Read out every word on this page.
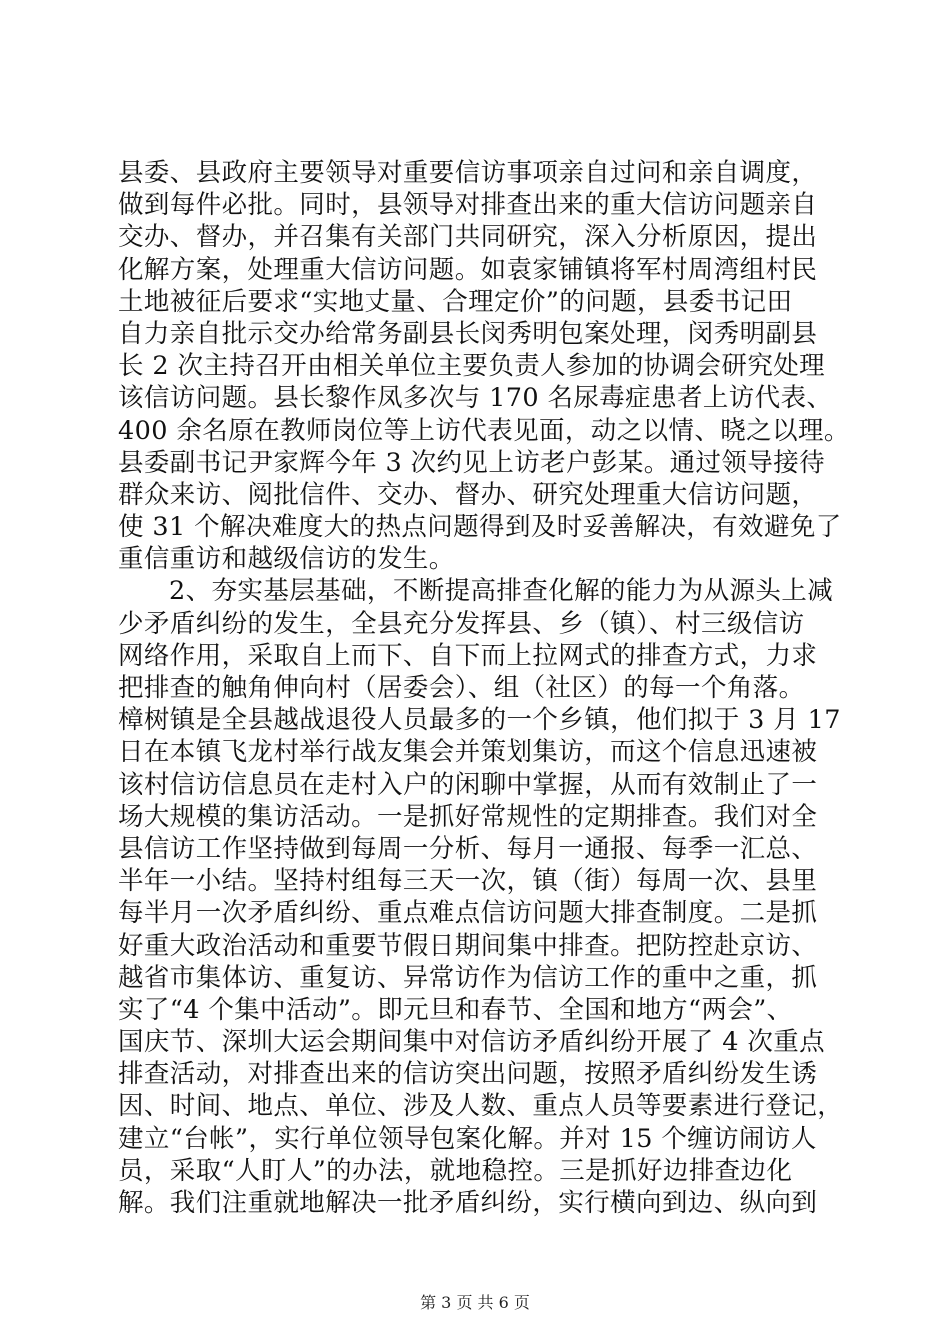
县委、县政府主要领导对重要信访事项亲自过问和亲自调度，
做到每件必批。同时，县领导对排查出来的重大信访问题亲自
交办、督办，并召集有关部门共同研究，深入分析原因，提出
化解方案，处理重大信访问题。如袁家铺镇将军村周湾组村民
土地被征后要求“实地丈量、合理定价”的问题，县委书记田
自力亲自批示交办给常务副县长闵秀明包案处理，闵秀明副县
长 2 次主持召开由相关单位主要负责人参加的协调会研究处理
该信访问题。县长黎作凤多次与 170 名尿毒症患者上访代表、
400 余名原在教师岗位等上访代表见面，动之以情、晓之以理。
县委副书记尹家辉今年 3 次约见上访老户彭某。通过领导接待
群众来访、阅批信件、交办、督办、研究处理重大信访问题，
使 31 个解决难度大的热点问题得到及时妥善解决，有效避免了
重信重访和越级信访的发生。
2、夯实基层基础，不断提高排查化解的能力为从源头上减
少矛盾纠纷的发生，全县充分发挥县、乡（镇）、村三级信访
网络作用，采取自上而下、自下而上拉网式的排查方式，力求
把排查的触角伸向村（居委会）、组（社区）的每一个角落。
樟树镇是全县越战退役人员最多的一个乡镇，他们拟于 3 月 17
日在本镇飞龙村举行战友集会并策划集访，而这个信息迅速被
该村信访信息员在走村入户的闲聊中掌握，从而有效制止了一
场大规模的集访活动。一是抓好常规性的定期排查。我们对全
县信访工作坚持做到每周一分析、每月一通报、每季一汇总、
半年一小结。坚持村组每三天一次，镇（街）每周一次、县里
每半月一次矛盾纠纷、重点难点信访问题大排查制度。二是抓
好重大政治活动和重要节假日期间集中排查。把防控赴京访、
越省市集体访、重复访、异常访作为信访工作的重中之重，抓
实了“4 个集中活动”。即元旦和春节、全国和地方“两会”、
国庆节、深圳大运会期间集中对信访矛盾纠纷开展了 4 次重点
排查活动，对排查出来的信访突出问题，按照矛盾纠纷发生诱
因、时间、地点、单位、涉及人数、重点人员等要素进行登记，
建立“台帐”，实行单位领导包案化解。并对 15 个缠访闹访人
员，采取“人盯人”的办法，就地稳控。三是抓好边排查边化
解。我们注重就地解决一批矛盾纠纷，实行横向到边、纵向到
第 3 页 共 6 页
